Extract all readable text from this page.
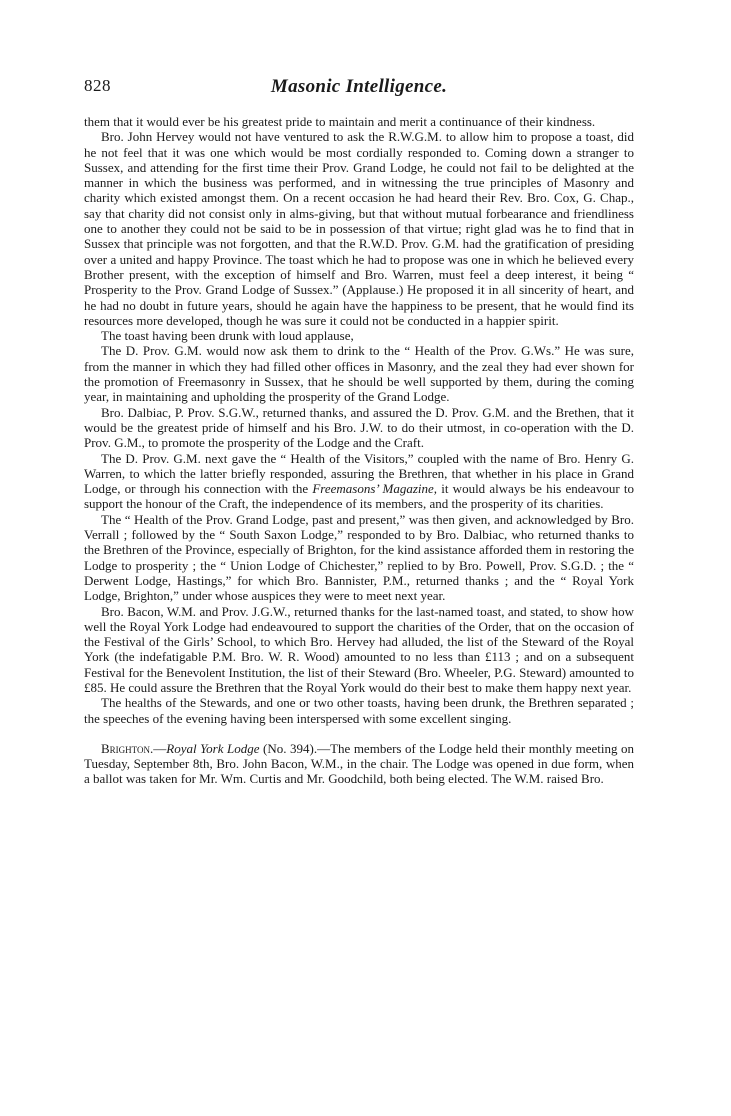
828	Masonic Intelligence.

them that it would ever be his greatest pride to maintain and merit a continuance of their kindness.

Bro. John Hervey would not have ventured to ask the R.W.G.M. to allow him to propose a toast, did he not feel that it was one which would be most cordially responded to. Coming down a stranger to Sussex, and attending for the first time their Prov. Grand Lodge, he could not fail to be delighted at the manner in which the business was performed, and in witnessing the true principles of Masonry and charity which existed amongst them. On a recent occasion he had heard their Rev. Bro. Cox, G. Chap., say that charity did not consist only in alms-giving, but that without mutual forbearance and friendliness one to another they could not be said to be in possession of that virtue; right glad was he to find that in Sussex that principle was not forgotten, and that the R.W.D. Prov. G.M. had the gratification of presiding over a united and happy Province. The toast which he had to propose was one in which he believed every Brother present, with the exception of himself and Bro. Warren, must feel a deep interest, it being “ Prosperity to the Prov. Grand Lodge of Sussex.” (Applause.) He proposed it in all sincerity of heart, and he had no doubt in future years, should he again have the happiness to be present, that he would find its resources more developed, though he was sure it could not be conducted in a happier spirit.

The toast having been drunk with loud applause,

The D. Prov. G.M. would now ask them to drink to the “ Health of the Prov. G.Ws.” He was sure, from the manner in which they had filled other offices in Masonry, and the zeal they had ever shown for the promotion of Freemasonry in Sussex, that he should be well supported by them, during the coming year, in maintaining and upholding the prosperity of the Grand Lodge.

Bro. Dalbiac, P. Prov. S.G.W., returned thanks, and assured the D. Prov. G.M. and the Brethen, that it would be the greatest pride of himself and his Bro. J.W. to do their utmost, in co-operation with the D. Prov. G.M., to promote the prosperity of the Lodge and the Craft.

The D. Prov. G.M. next gave the “ Health of the Visitors,” coupled with the name of Bro. Henry G. Warren, to which the latter briefly responded, assuring the Brethren, that whether in his place in Grand Lodge, or through his connection with the Freemasons’ Magazine, it would always be his endeavour to support the honour of the Craft, the independence of its members, and the prosperity of its charities.

The “ Health of the Prov. Grand Lodge, past and present,” was then given, and acknowledged by Bro. Verrall ; followed by the “ South Saxon Lodge,” responded to by Bro. Dalbiac, who returned thanks to the Brethren of the Province, especially of Brighton, for the kind assistance afforded them in restoring the Lodge to prosperity ; the “ Union Lodge of Chichester,” replied to by Bro. Powell, Prov. S.G.D. ; the “ Derwent Lodge, Hastings,” for which Bro. Bannister, P.M., returned thanks ; and the “ Royal York Lodge, Brighton,” under whose auspices they were to meet next year.

Bro. Bacon, W.M. and Prov. J.G.W., returned thanks for the last-named toast, and stated, to show how well the Royal York Lodge had endeavoured to support the charities of the Order, that on the occasion of the Festival of the Girls’ School, to which Bro. Hervey had alluded, the list of the Steward of the Royal York (the indefatigable P.M. Bro. W. R. Wood) amounted to no less than £113 ; and on a subsequent Festival for the Benevolent Institution, the list of their Steward (Bro. Wheeler, P.G. Steward) amounted to £85. He could assure the Brethren that the Royal York would do their best to make them happy next year.

The healths of the Stewards, and one or two other toasts, having been drunk, the Brethren separated ; the speeches of the evening having been interspersed with some excellent singing.

Brighton.—Royal York Lodge (No. 394).—The members of the Lodge held their monthly meeting on Tuesday, September 8th, Bro. John Bacon, W.M., in the chair. The Lodge was opened in due form, when a ballot was taken for Mr. Wm. Curtis and Mr. Goodchild, both being elected. The W.M. raised Bro.
